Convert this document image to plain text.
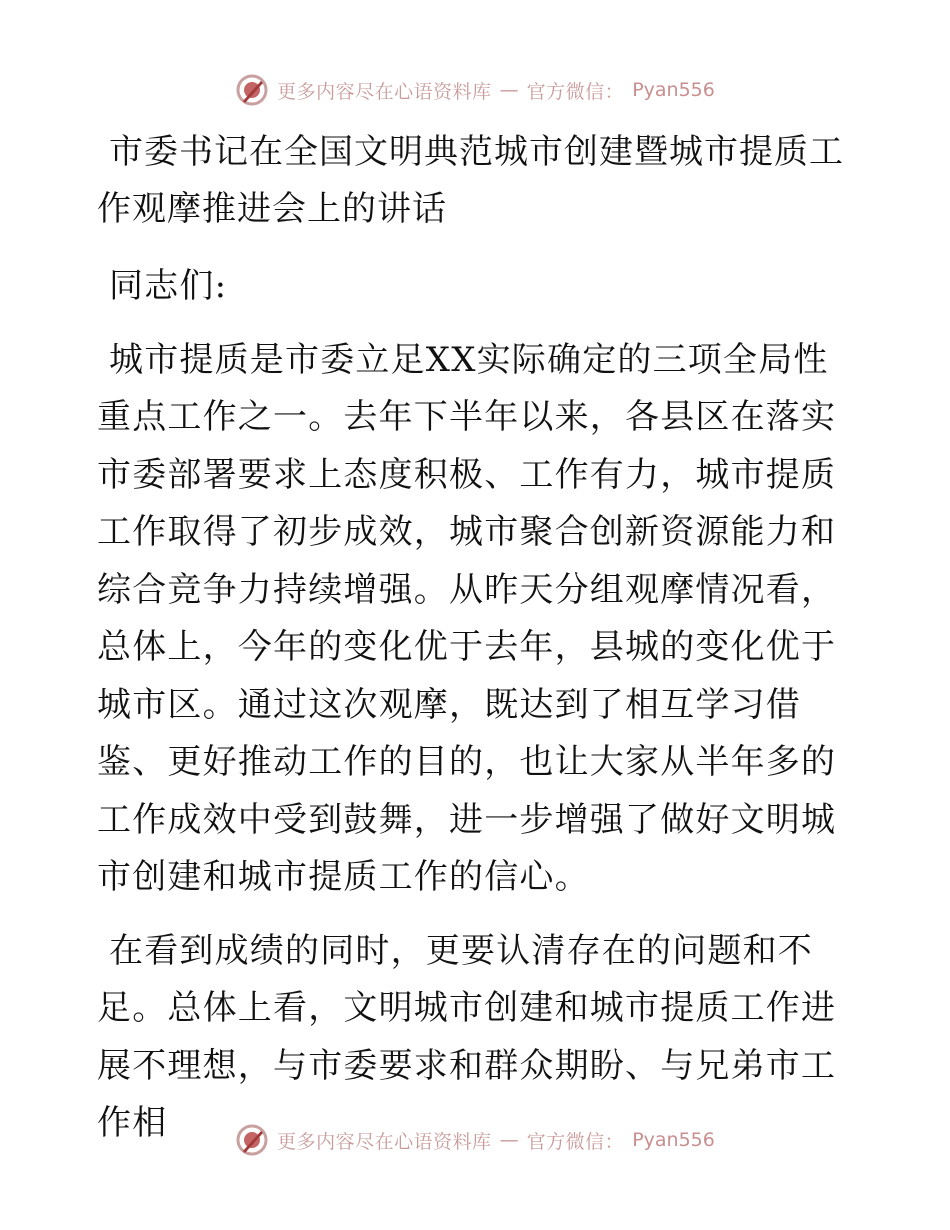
更多内容尽在心语资料库 — 官方微信： Pyan556
市委书记在全国文明典范城市创建暨城市提质工作观摩推进会上的讲话

同志们:

城市提质是市委立足XX实际确定的三项全局性重点工作之一。去年下半年以来，各县区在落实市委部署要求上态度积极、工作有力，城市提质工作取得了初步成效，城市聚合创新资源能力和综合竞争力持续增强。从昨天分组观摩情况看，总体上，今年的变化优于去年，县城的变化优于城市区。通过这次观摩，既达到了相互学习借鉴、更好推动工作的目的，也让大家从半年多的工作成效中受到鼓舞，进一步增强了做好文明城市创建和城市提质工作的信心。

在看到成绩的同时，更要认清存在的问题和不足。总体上看，文明城市创建和城市提质工作进展不理想，与市委要求和群众期盼、与兄弟市工作相	更多内容尽在心语资料库 — 官方微信： Pyan556
